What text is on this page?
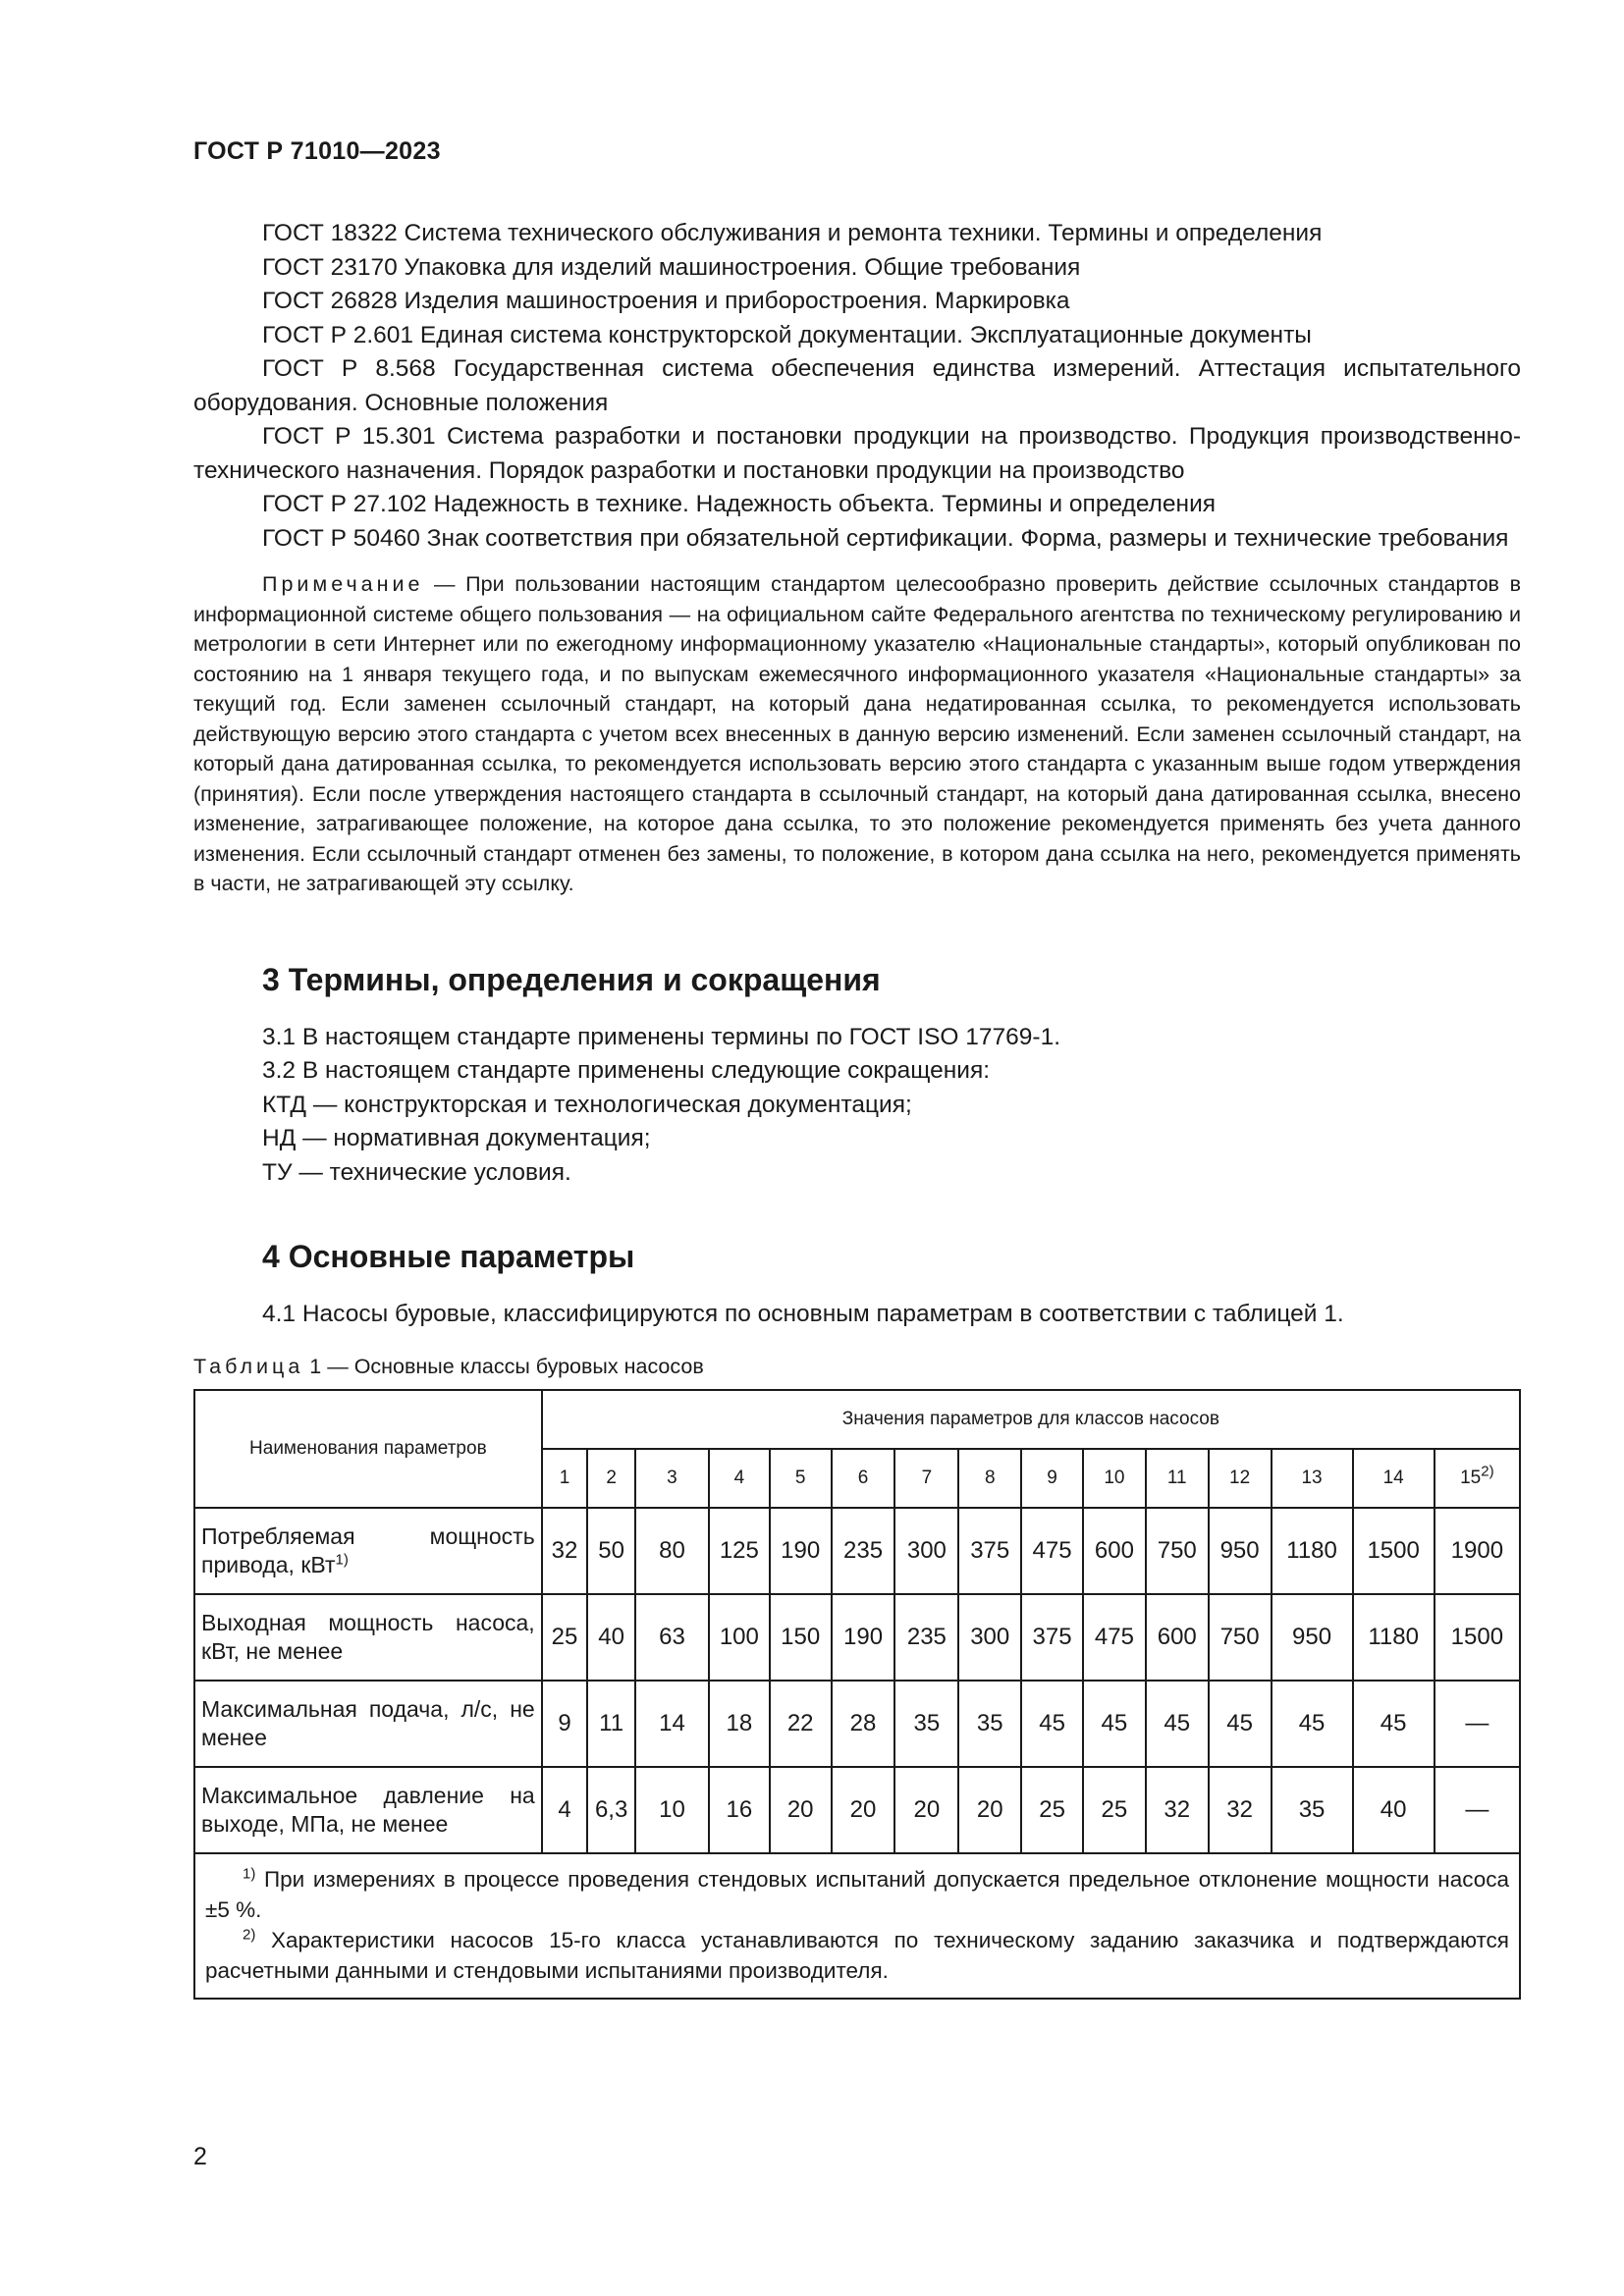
ГОСТ Р 71010—2023

ГОСТ 18322 Система технического обслуживания и ремонта техники. Термины и определения

ГОСТ 23170 Упаковка для изделий машиностроения. Общие требования

ГОСТ 26828 Изделия машиностроения и приборостроения. Маркировка

ГОСТ Р 2.601 Единая система конструкторской документации. Эксплуатационные документы

ГОСТ Р 8.568 Государственная система обеспечения единства измерений. Аттестация испытательного оборудования. Основные положения

ГОСТ Р 15.301 Система разработки и постановки продукции на производство. Продукция производственно-технического назначения. Порядок разработки и постановки продукции на производство

ГОСТ Р 27.102 Надежность в технике. Надежность объекта. Термины и определения

ГОСТ Р 50460 Знак соответствия при обязательной сертификации. Форма, размеры и технические требования

Примечание — При пользовании настоящим стандартом целесообразно проверить действие ссылочных стандартов в информационной системе общего пользования — на официальном сайте Федерального агентства по техническому регулированию и метрологии в сети Интернет или по ежегодному информационному указателю «Национальные стандарты», который опубликован по состоянию на 1 января текущего года, и по выпускам ежемесячного информационного указателя «Национальные стандарты» за текущий год. Если заменен ссылочный стандарт, на который дана недатированная ссылка, то рекомендуется использовать действующую версию этого стандарта с учетом всех внесенных в данную версию изменений. Если заменен ссылочный стандарт, на который дана датированная ссылка, то рекомендуется использовать версию этого стандарта с указанным выше годом утверждения (принятия). Если после утверждения настоящего стандарта в ссылочный стандарт, на который дана датированная ссылка, внесено изменение, затрагивающее положение, на которое дана ссылка, то это положение рекомендуется применять без учета данного изменения. Если ссылочный стандарт отменен без замены, то положение, в котором дана ссылка на него, рекомендуется применять в части, не затрагивающей эту ссылку.

3 Термины, определения и сокращения

3.1 В настоящем стандарте применены термины по ГОСТ ISO 17769-1.

3.2 В настоящем стандарте применены следующие сокращения:

КТД — конструкторская и технологическая документация;

НД — нормативная документация;

ТУ — технические условия.

4 Основные параметры

4.1 Насосы буровые, классифицируются по основным параметрам в соответствии с таблицей 1.

Таблица 1 — Основные классы буровых насосов
Наименования параметров	Значения параметров для классов насосов														
	1	2	3	4	5	6	7	8	9	10	11	12	13	14	15$^{2)}$
Потребляемая мощность привода, кВт$^{1)}$	32	50	80	125	190	235	300	375	475	600	750	950	1180	1500	1900
Выходная мощность насоса, кВт, не менее	25	40	63	100	150	190	235	300	375	475	600	750	950	1180	1500
Максимальная подача, л/с, не менее	9	11	14	18	22	28	35	35	45	45	45	45	45	45	—
Максимальное давление на выходе, МПа, не менее	4	6,3	10	16	20	20	20	20	25	25	32	32	35	40	—

$^{1)}$ При измерениях в процессе проведения стендовых испытаний допускается предельное отклонение мощности насоса ±5 %.

$^{2)}$ Характеристики насосов 15-го класса устанавливаются по техническому заданию заказчика и подтверждаются расчетными данными и стендовыми испытаниями производителя.															

2
